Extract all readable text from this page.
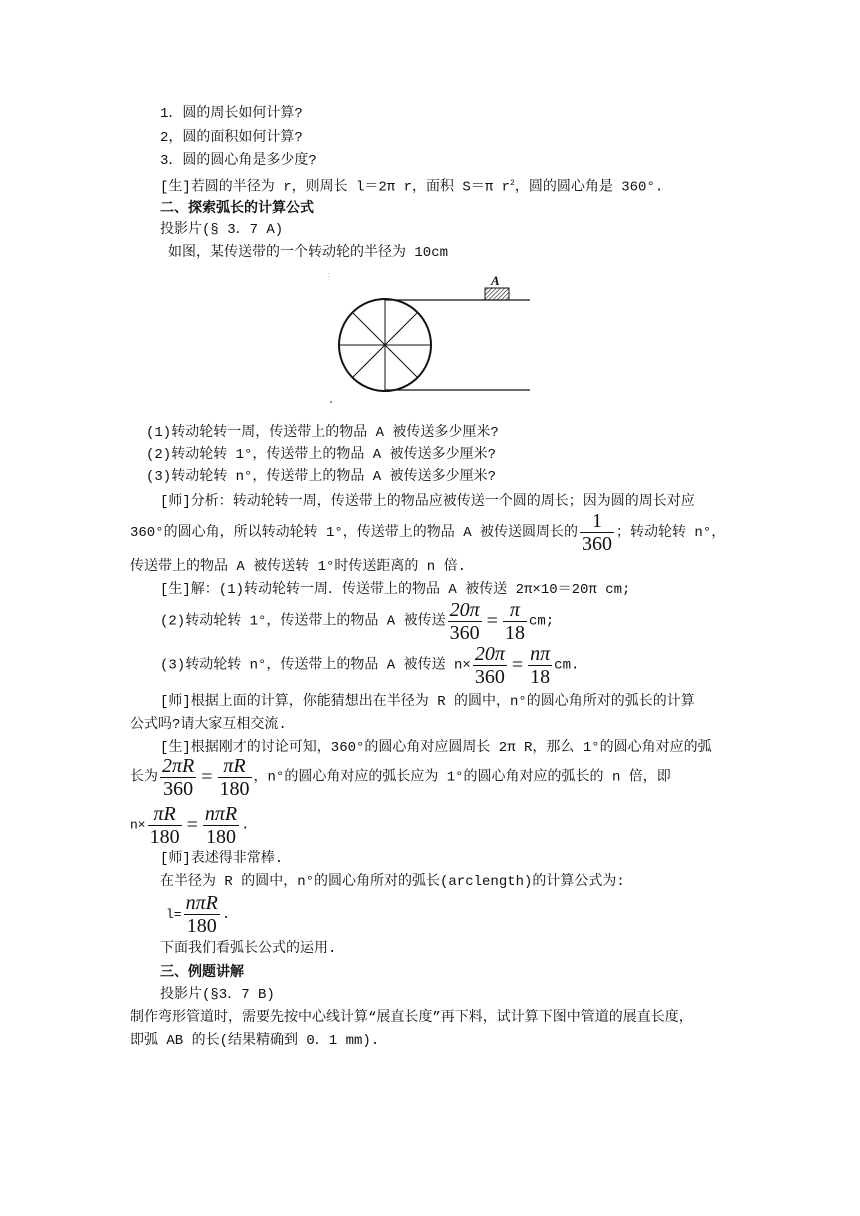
1．圆的周长如何计算?
2，圆的面积如何计算?
3．圆的圆心角是多少度?
[生]若圆的半径为 r，则周长 l＝2π r，面积 S＝π $r^2$，圆的圆心角是 360°.
二、探索弧长的计算公式
投影片(§ 3．7 A)
如图，某传送带的一个转动轮的半径为 10cm
A
(1)转动轮转一周，传送带上的物品 A 被传送多少厘米?
(2)转动轮转 1°，传送带上的物品 A 被传送多少厘米?
(3)转动轮转 n°，传送带上的物品 A 被传送多少厘米?
[师]分析：转动轮转一周，传送带上的物品应被传送一个圆的周长；因为圆的周长对应
360°的圆心角，所以转动轮转 1°，传送带上的物品 A 被传送圆周长的 $\frac{1}{360}$ ；转动轮转 n°，
传送带上的物品 A 被传送转 1°时传送距离的 n 倍.
[生]解：(1)转动轮转一周．传送带上的物品 A 被传送 2π×10＝20π cm;
(2)转动轮转 1°，传送带上的物品 A 被传送 $\frac{20\pi}{360} = \frac{\pi}{18}$ cm;
(3)转动轮转 n°，传送带上的物品 A 被传送 $n\times \frac{20\pi}{360} = \frac{n\pi}{18}$ cm.
[师]根据上面的计算，你能猜想出在半径为 R 的圆中，n°的圆心角所对的弧长的计算
公式吗?请大家互相交流.
[生]根据刚才的讨论可知，360°的圆心角对应圆周长 2π R，那么 1°的圆心角对应的弧
长为 $\frac{2\pi R}{360} = \frac{\pi R}{180}$ ，n°的圆心角对应的弧长应为 1°的圆心角对应的弧长的 n 倍，即
$n\times \frac{\pi R}{180} = \frac{\text{nπR}}{180}$ .
[师]表述得非常棒.
在半径为 R 的圆中，n°的圆心角所对的弧长(arclength)的计算公式为:
$l= \frac{\text{nπR}}{180}$ .
下面我们看弧长公式的运用.
三、例题讲解
投影片(§3．7 B)
制作弯形管道时，需要先按中心线计算“展直长度”再下料，试计算下图中管道的展直长度，
即弧 AB 的长(结果精确到 0．1 mm).
